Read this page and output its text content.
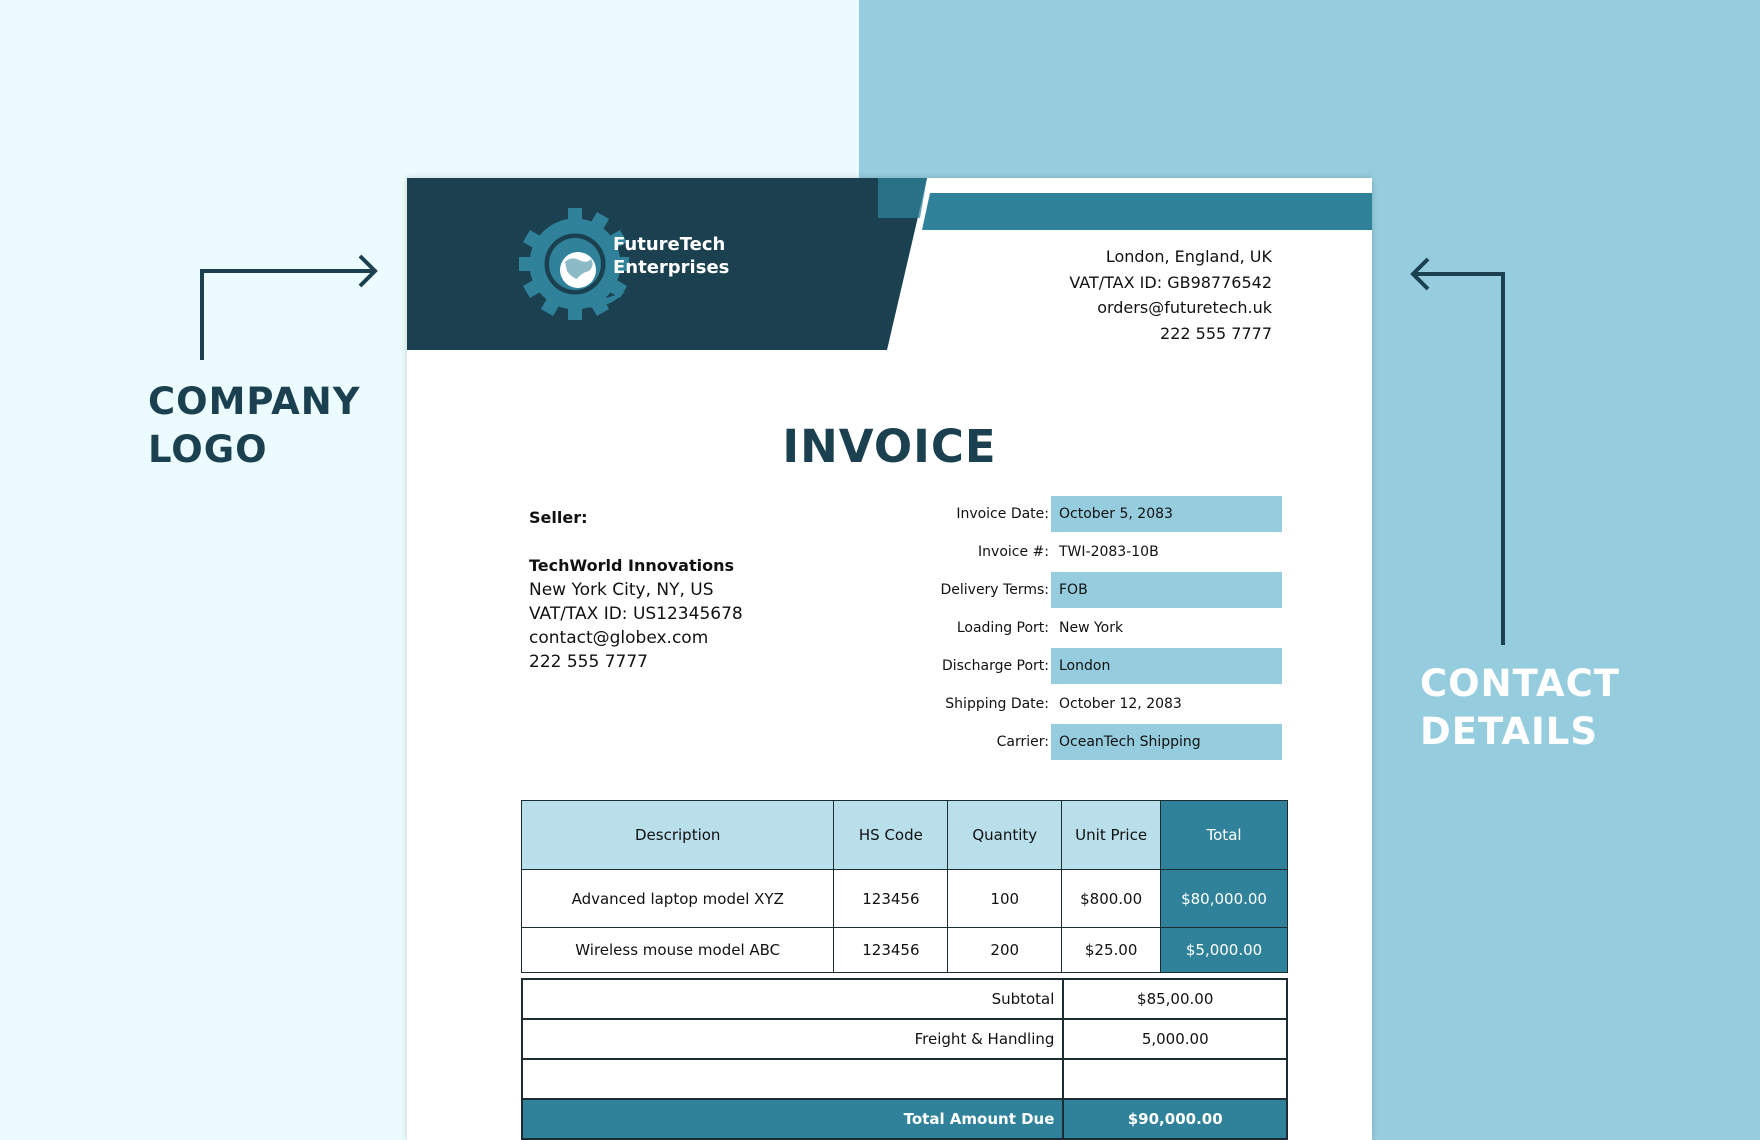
COMPANY
LOGO
CONTACT
DETAILS
FutureTech
Enterprises
London, England, UK
VAT/TAX ID: GB98776542
orders@futuretech.uk
222 555 7777
INVOICE
Seller:
TechWorld Innovations
New York City, NY, US
VAT/TAX ID: US12345678
contact@globex.com
222 555 7777
Invoice Date: October 5, 2083
Invoice #: TWI-2083-10B
Delivery Terms: FOB
Loading Port: New York
Discharge Port: London
Shipping Date: October 12, 2083
Carrier: OceanTech Shipping
Description	HS Code	Quantity	Unit Price	Total
Advanced laptop model XYZ	123456	100	$800.00	$80,000.00
Wireless mouse model ABC	123456	200	$25.00	$5,000.00
Subtotal	$85,00.00
Freight & Handling	5,000.00

Total Amount Due	$90,000.00
